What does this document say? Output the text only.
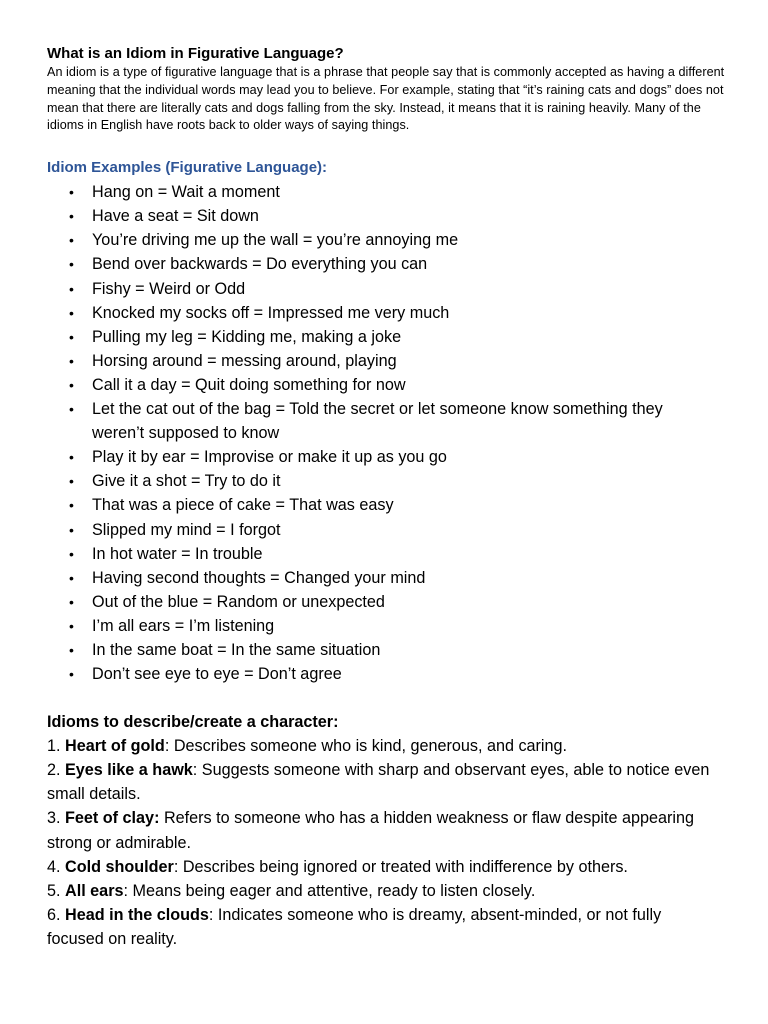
What is an Idiom in Figurative Language?

An idiom is a type of figurative language that is a phrase that people say that is commonly accepted as having a different meaning that the individual words may lead you to believe. For example, stating that “it’s raining cats and dogs” does not mean that there are literally cats and dogs falling from the sky. Instead, it means that it is raining heavily. Many of the idioms in English have roots back to older ways of saying things.

Idiom Examples (Figurative Language):
• Hang on = Wait a moment
• Have a seat = Sit down
• You’re driving me up the wall = you’re annoying me
• Bend over backwards = Do everything you can
• Fishy = Weird or Odd
• Knocked my socks off = Impressed me very much
• Pulling my leg = Kidding me, making a joke
• Horsing around = messing around, playing
• Call it a day = Quit doing something for now
• Let the cat out of the bag = Told the secret or let someone know something they weren’t supposed to know
• Play it by ear = Improvise or make it up as you go
• Give it a shot = Try to do it
• That was a piece of cake = That was easy
• Slipped my mind = I forgot
• In hot water = In trouble
• Having second thoughts = Changed your mind
• Out of the blue = Random or unexpected
• I’m all ears = I’m listening
• In the same boat = In the same situation
• Don’t see eye to eye = Don’t agree
Idioms to describe/create a character:
1. Heart of gold: Describes someone who is kind, generous, and caring.
2. Eyes like a hawk: Suggests someone with sharp and observant eyes, able to notice even small details.
3. Feet of clay: Refers to someone who has a hidden weakness or flaw despite appearing strong or admirable.
4. Cold shoulder: Describes being ignored or treated with indifference by others.
5. All ears: Means being eager and attentive, ready to listen closely.
6. Head in the clouds: Indicates someone who is dreamy, absent-minded, or not fully focused on reality.
